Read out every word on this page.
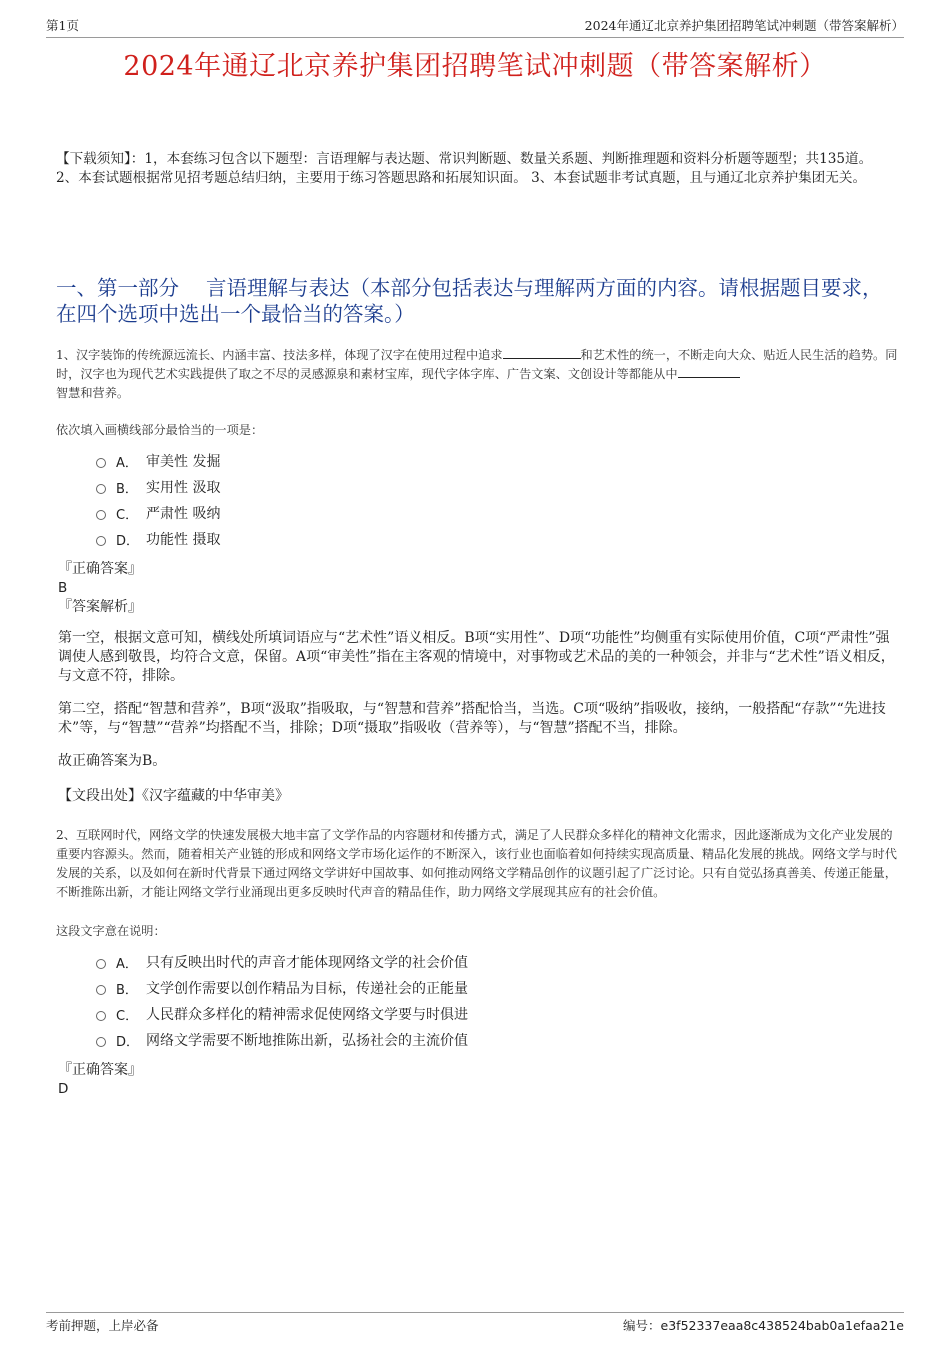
第1页	2024年通辽北京养护集团招聘笔试冲刺题（带答案解析）
2024年通辽北京养护集团招聘笔试冲刺题（带答案解析）

【下载须知】：1，本套练习包含以下题型：言语理解与表达题、常识判断题、数量关系题、判断推理题和资料分析题等题型；共135道。 2、本套试题根据常见招考题总结归纳，主要用于练习答题思路和拓展知识面。 3、本套试题非考试真题，且与通辽北京养护集团无关。

一、第一部分　 言语理解与表达（本部分包括表达与理解两方面的内容。请根据题目要求，在四个选项中选出一个最恰当的答案。）

1、汉字装饰的传统源远流长、内涵丰富、技法多样，体现了汉字在使用过程中追求	和艺术性的统一，不断走向大众、贴近人民生活的趋势。同时，汉字也为现代艺术实践提供了取之不尽的灵感源泉和素材宝库，现代字体字库、广告文案、文创设计等都能从中
智慧和营养。

依次填入画横线部分最恰当的一项是：

A． 审美性 发掘
B． 实用性 汲取
C． 严肃性 吸纳
D． 功能性 摄取

『正确答案』

B

『答案解析』

第一空，根据文意可知，横线处所填词语应与“艺术性”语义相反。B项“实用性”、D项“功能性”均侧重有实际使用价值，C项“严肃性”强调使人感到敬畏，均符合文意，保留。A项“审美性”指在主客观的情境中，对事物或艺术品的美的一种领会，并非与“艺术性”语义相反，与文意不符，排除。

第二空，搭配“智慧和营养”，B项“汲取”指吸取，与“智慧和营养”搭配恰当，当选。C项“吸纳”指吸收，接纳，一般搭配“存款”“先进技术”等，与“智慧”“营养”均搭配不当，排除；D项“摄取”指吸收（营养等），与“智慧”搭配不当，排除。

故正确答案为B。

【文段出处】《汉字蕴藏的中华审美》

2、互联网时代，网络文学的快速发展极大地丰富了文学作品的内容题材和传播方式，满足了人民群众多样化的精神文化需求，因此逐渐成为文化产业发展的重要内容源头。然而，随着相关产业链的形成和网络文学市场化运作的不断深入，该行业也面临着如何持续实现高质量、精品化发展的挑战。网络文学与时代发展的关系，以及如何在新时代背景下通过网络文学讲好中国故事、如何推动网络文学精品创作的议题引起了广泛讨论。只有自觉弘扬真善美、传递正能量，不断推陈出新，才能让网络文学行业涌现出更多反映时代声音的精品佳作，助力网络文学展现其应有的社会价值。

这段文字意在说明：

A． 只有反映出时代的声音才能体现网络文学的社会价值
B． 文学创作需要以创作精品为目标，传递社会的正能量
C． 人民群众多样化的精神需求促使网络文学要与时俱进
D． 网络文学需要不断地推陈出新，弘扬社会的主流价值

『正确答案』

D

考前押题，上岸必备	编号：e3f52337eaa8c438524bab0a1efaa21e
